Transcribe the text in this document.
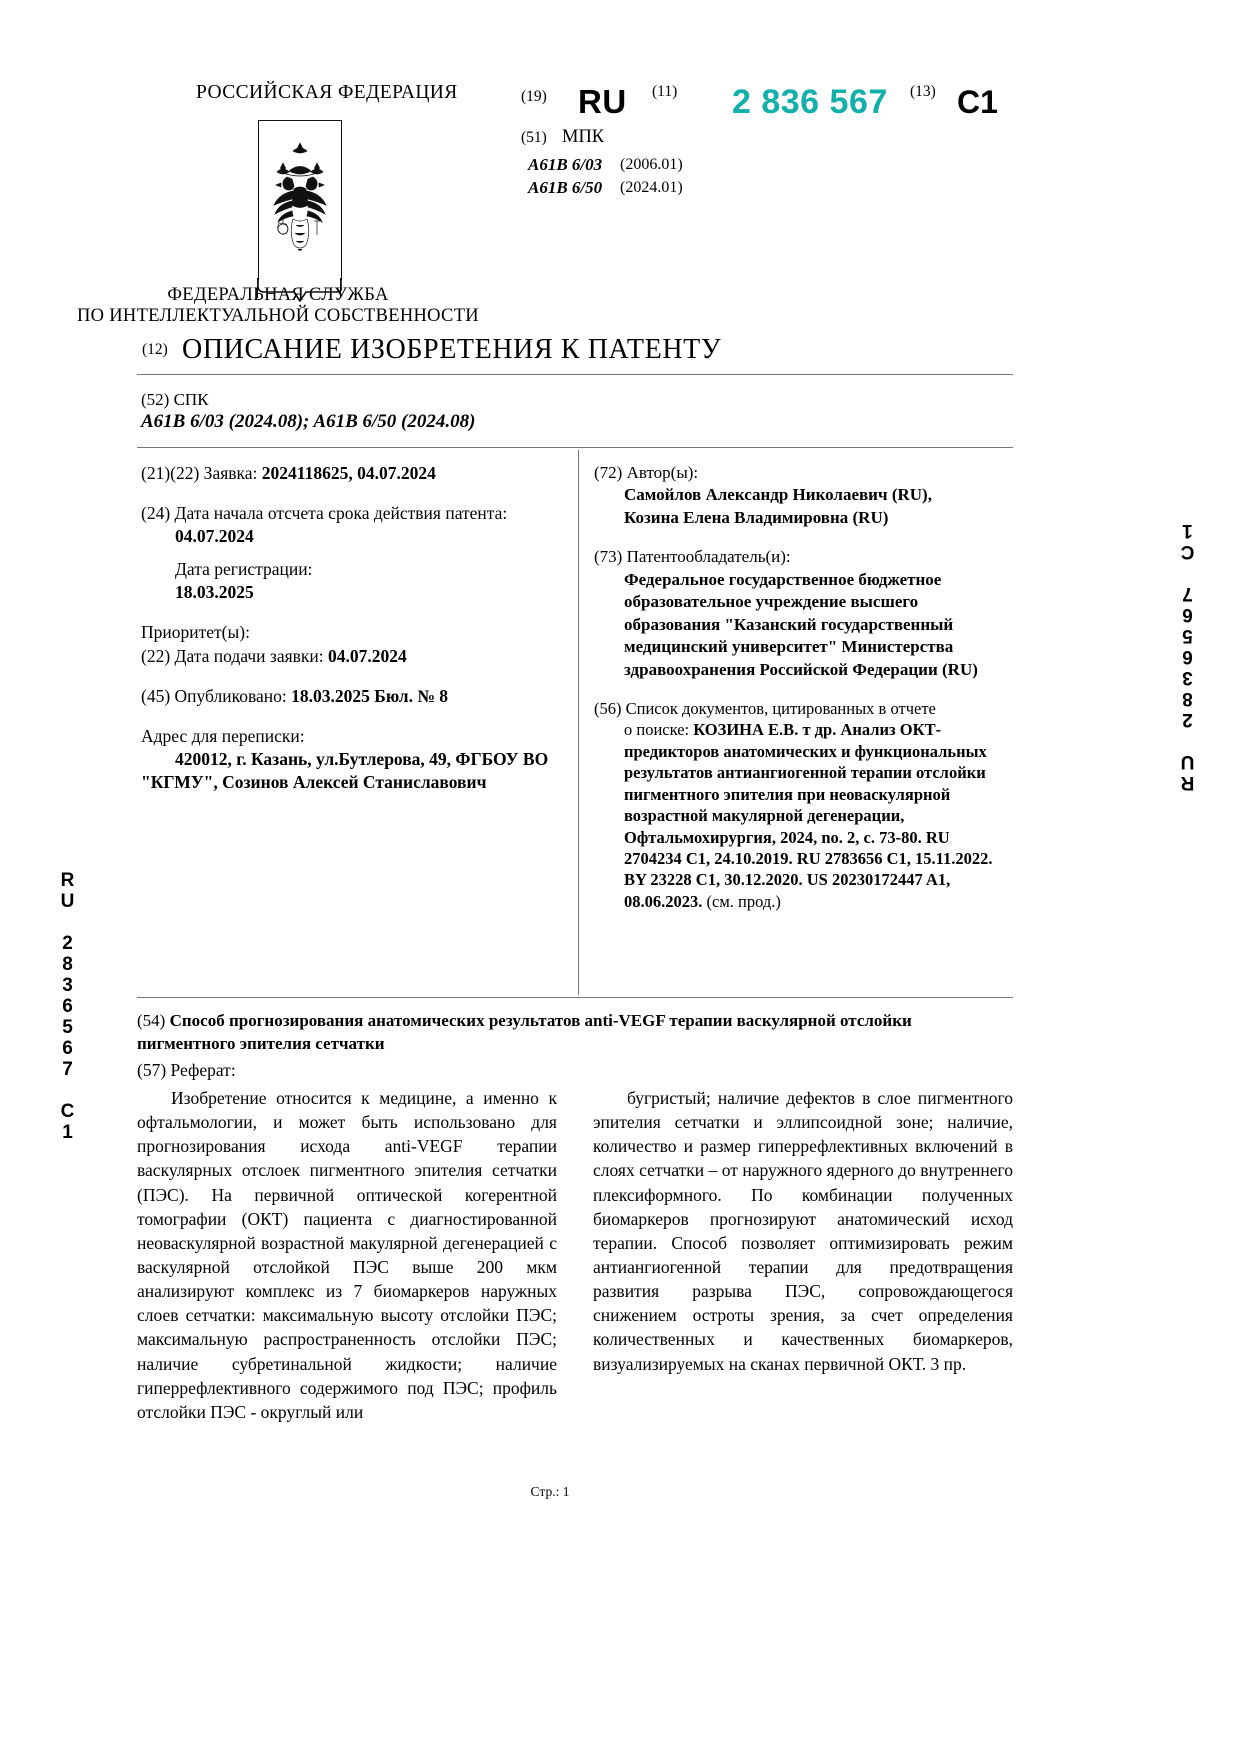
RU 2836567 C1
RU 2836567 C1
РОССИЙСКАЯ ФЕДЕРАЦИЯ	(19) RU (11) 2 836 567 (13) C1
(51) МПК
A61B 6/03 (2006.01)
A61B 6/50 (2024.01)
ФЕДЕРАЛЬНАЯ СЛУЖБА
ПО ИНТЕЛЛЕКТУАЛЬНОЙ СОБСТВЕННОСТИ
(12) ОПИСАНИЕ ИЗОБРЕТЕНИЯ К ПАТЕНТУ
(52) СПК
A61B 6/03 (2024.08); A61B 6/50 (2024.08)
(21)(22) Заявка: 2024118625, 04.07.2024
(24) Дата начала отсчета срока действия патента:
04.07.2024
Дата регистрации:
18.03.2025
Приоритет(ы):
(22) Дата подачи заявки: 04.07.2024
(45) Опубликовано: 18.03.2025 Бюл. № 8
Адрес для переписки:
420012, г. Казань, ул.Бутлерова, 49, ФГБОУ ВО
"КГМУ", Созинов Алексей Станиславович
(72) Автор(ы):
Самойлов Александр Николаевич (RU),
Козина Елена Владимировна (RU)
(73) Патентообладатель(и):
Федеральное государственное бюджетное образовательное учреждение высшего образования "Казанский государственный медицинский университет" Министерства здравоохранения Российской Федерации (RU)
(56) Список документов, цитированных в отчете
о поиске: КОЗИНА Е.В. т др. Анализ ОКТ-предикторов анатомических и функциональных результатов антиангиогенной терапии отслойки пигментного эпителия при неоваскулярной возрастной макулярной дегенерации, Офтальмохирургия, 2024, no. 2, с. 73-80. RU 2704234 C1, 24.10.2019. RU 2783656 C1, 15.11.2022. BY 23228 C1, 30.12.2020. US 20230172447 A1, 08.06.2023. (см. прод.)
(54) Способ прогнозирования анатомических результатов anti-VEGF терапии васкулярной отслойки пигментного эпителия сетчатки
(57) Реферат:

Изобретение относится к медицине, а именно к офтальмологии, и может быть использовано для прогнозирования исхода anti-VEGF терапии васкулярных отслоек пигментного эпителия сетчатки (ПЭС). На первичной оптической когерентной томографии (ОКТ) пациента с диагностированной неоваскулярной возрастной макулярной дегенерацией с васкулярной отслойкой ПЭС выше 200 мкм анализируют комплекс из 7 биомаркеров наружных слоев сетчатки: максимальную высоту отслойки ПЭС; максимальную распространенность отслойки ПЭС; наличие субретинальной жидкости; наличие гиперрефлективного содержимого под ПЭС; профиль отслойки ПЭС - округлый или

бугристый; наличие дефектов в слое пигментного эпителия сетчатки и эллипсоидной зоне; наличие, количество и размер гиперрефлективных включений в слоях сетчатки – от наружного ядерного до внутреннего плексиформного. По комбинации полученных биомаркеров прогнозируют анатомический исход терапии. Способ позволяет оптимизировать режим антиангиогенной терапии для предотвращения развития разрыва ПЭС, сопровождающегося снижением остроты зрения, за счет определения количественных и качественных биомаркеров, визуализируемых на сканах первичной ОКТ. 3 пр.

Стр.: 1
